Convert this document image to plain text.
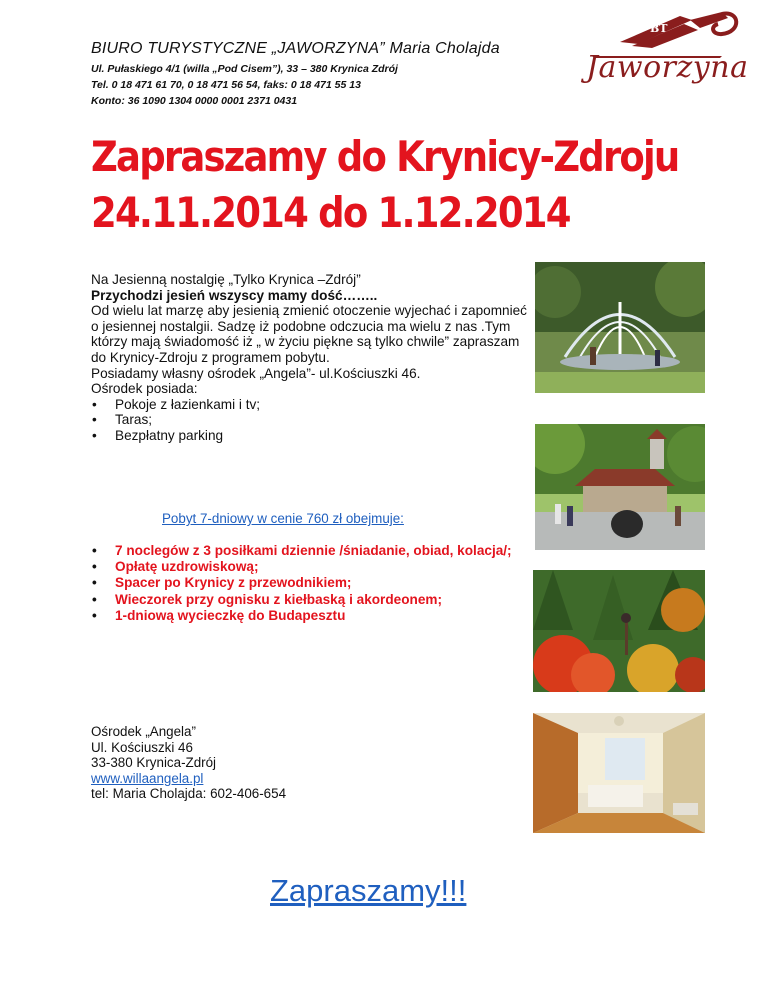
BIURO TURYSTYCZNE „JAWORZYNA” Maria Cholajda
Ul. Pułaskiego 4/1 (willa „Pod Cisem”), 33 – 380 Krynica Zdrój
Tel. 0 18 471 61 70, 0 18 471 56 54, faks: 0 18 471 55 13
Konto: 36 1090 1304 0000 0001 2371 0431
BT
Jaworzyna
Zapraszamy do Krynicy-Zdroju
24.11.2014 do 1.12.2014

Na Jesienną nostalgię „Tylko Krynica –Zdrój”

Przychodzi jesień wszyscy mamy dość……..

Od wielu lat marzę aby jesienią zmienić otoczenie wyjechać i zapomnieć o jesiennej nostalgii. Sadzę iż podobne odczucia ma wielu z nas .Tym którzy mają świadomość iż „ w życiu piękne są tylko chwile” zapraszam do Krynicy-Zdroju z programem pobytu.

Posiadamy własny ośrodek „Angela”- ul.Kościuszki 46.

Ośrodek posiada:

• Pokoje z łazienkami i tv;
• Taras;
• Bezpłatny parking
Pobyt 7-dniowy w cenie 760 zł obejmuje:
• 7 noclegów z 3 posiłkami dziennie /śniadanie, obiad, kolacja/;
• Opłatę uzdrowiskową;
• Spacer po Krynicy z przewodnikiem;
• Wieczorek przy ognisku z kiełbaską i akordeonem;
• 1-dniową wycieczkę do Budapesztu
Ośrodek „Angela”
Ul. Kościuszki 46
33-380 Krynica-Zdrój
www.willaangela.pl
tel: Maria Cholajda: 602-406-654
Zapraszamy!!!
